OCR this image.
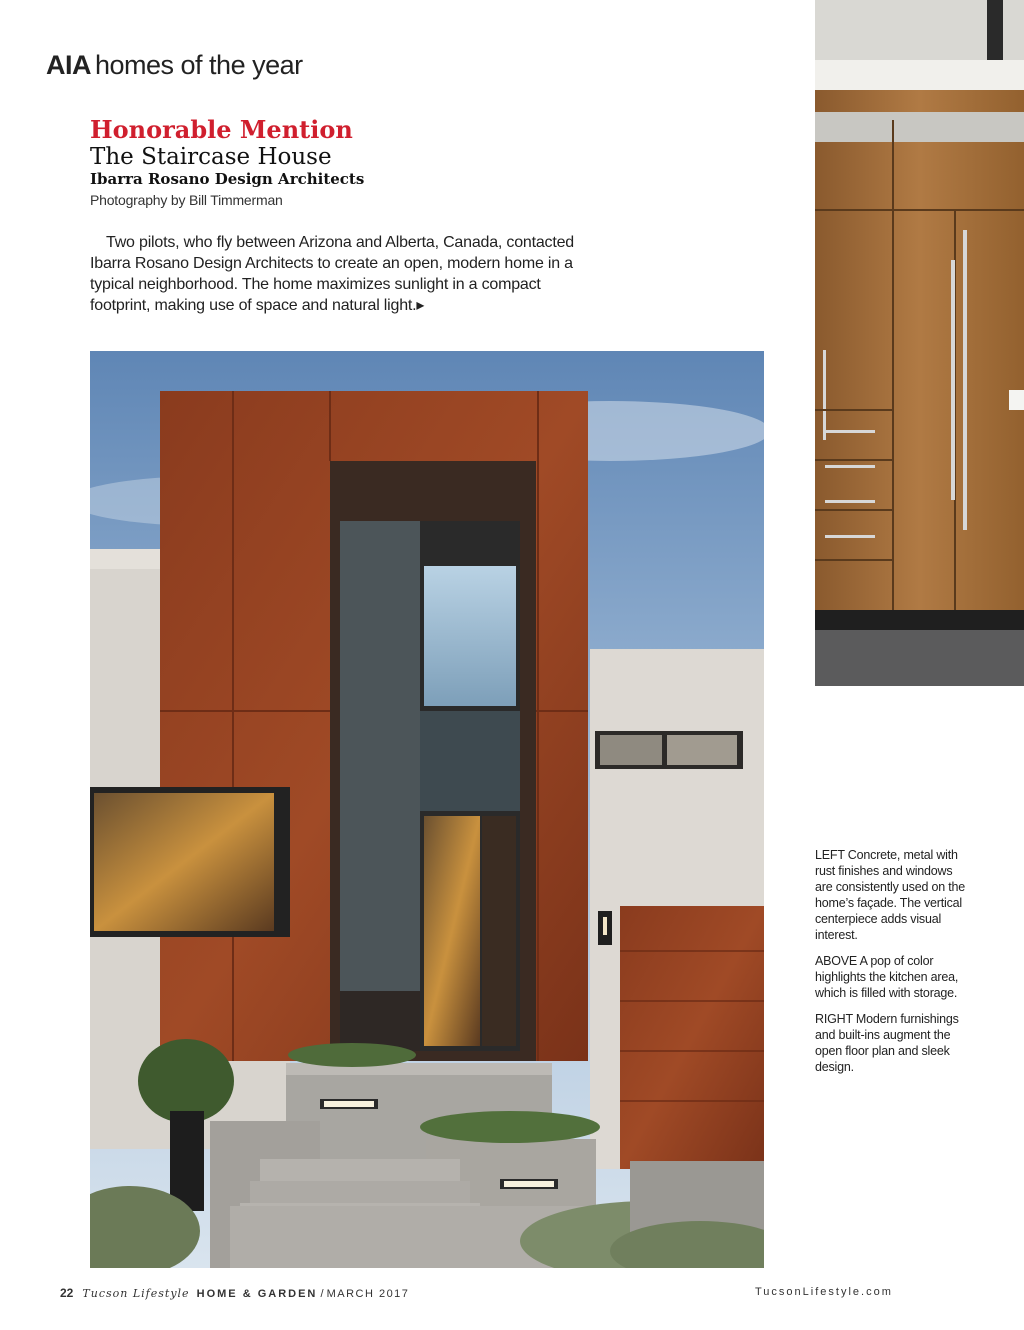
AIA homes of the year
Honorable Mention
The Staircase House
Ibarra Rosano Design Architects
Photography by Bill Timmerman

Two pilots, who fly between Arizona and Alberta, Canada, contacted Ibarra Rosano Design Architects to create an open, modern home in a typical neighborhood. The home maximizes sunlight in a compact footprint, making use of space and natural light.▸

LEFT Concrete, metal with rust finishes and windows are consistently used on the home’s façade. The vertical centerpiece adds visual interest.

ABOVE A pop of color highlights the kitchen area, which is filled with storage.

RIGHT Modern furnishings and built-ins augment the open floor plan and sleek design.

22 Tucson Lifestyle HOME & GARDEN / MARCH 2017	TucsonLifestyle.com
